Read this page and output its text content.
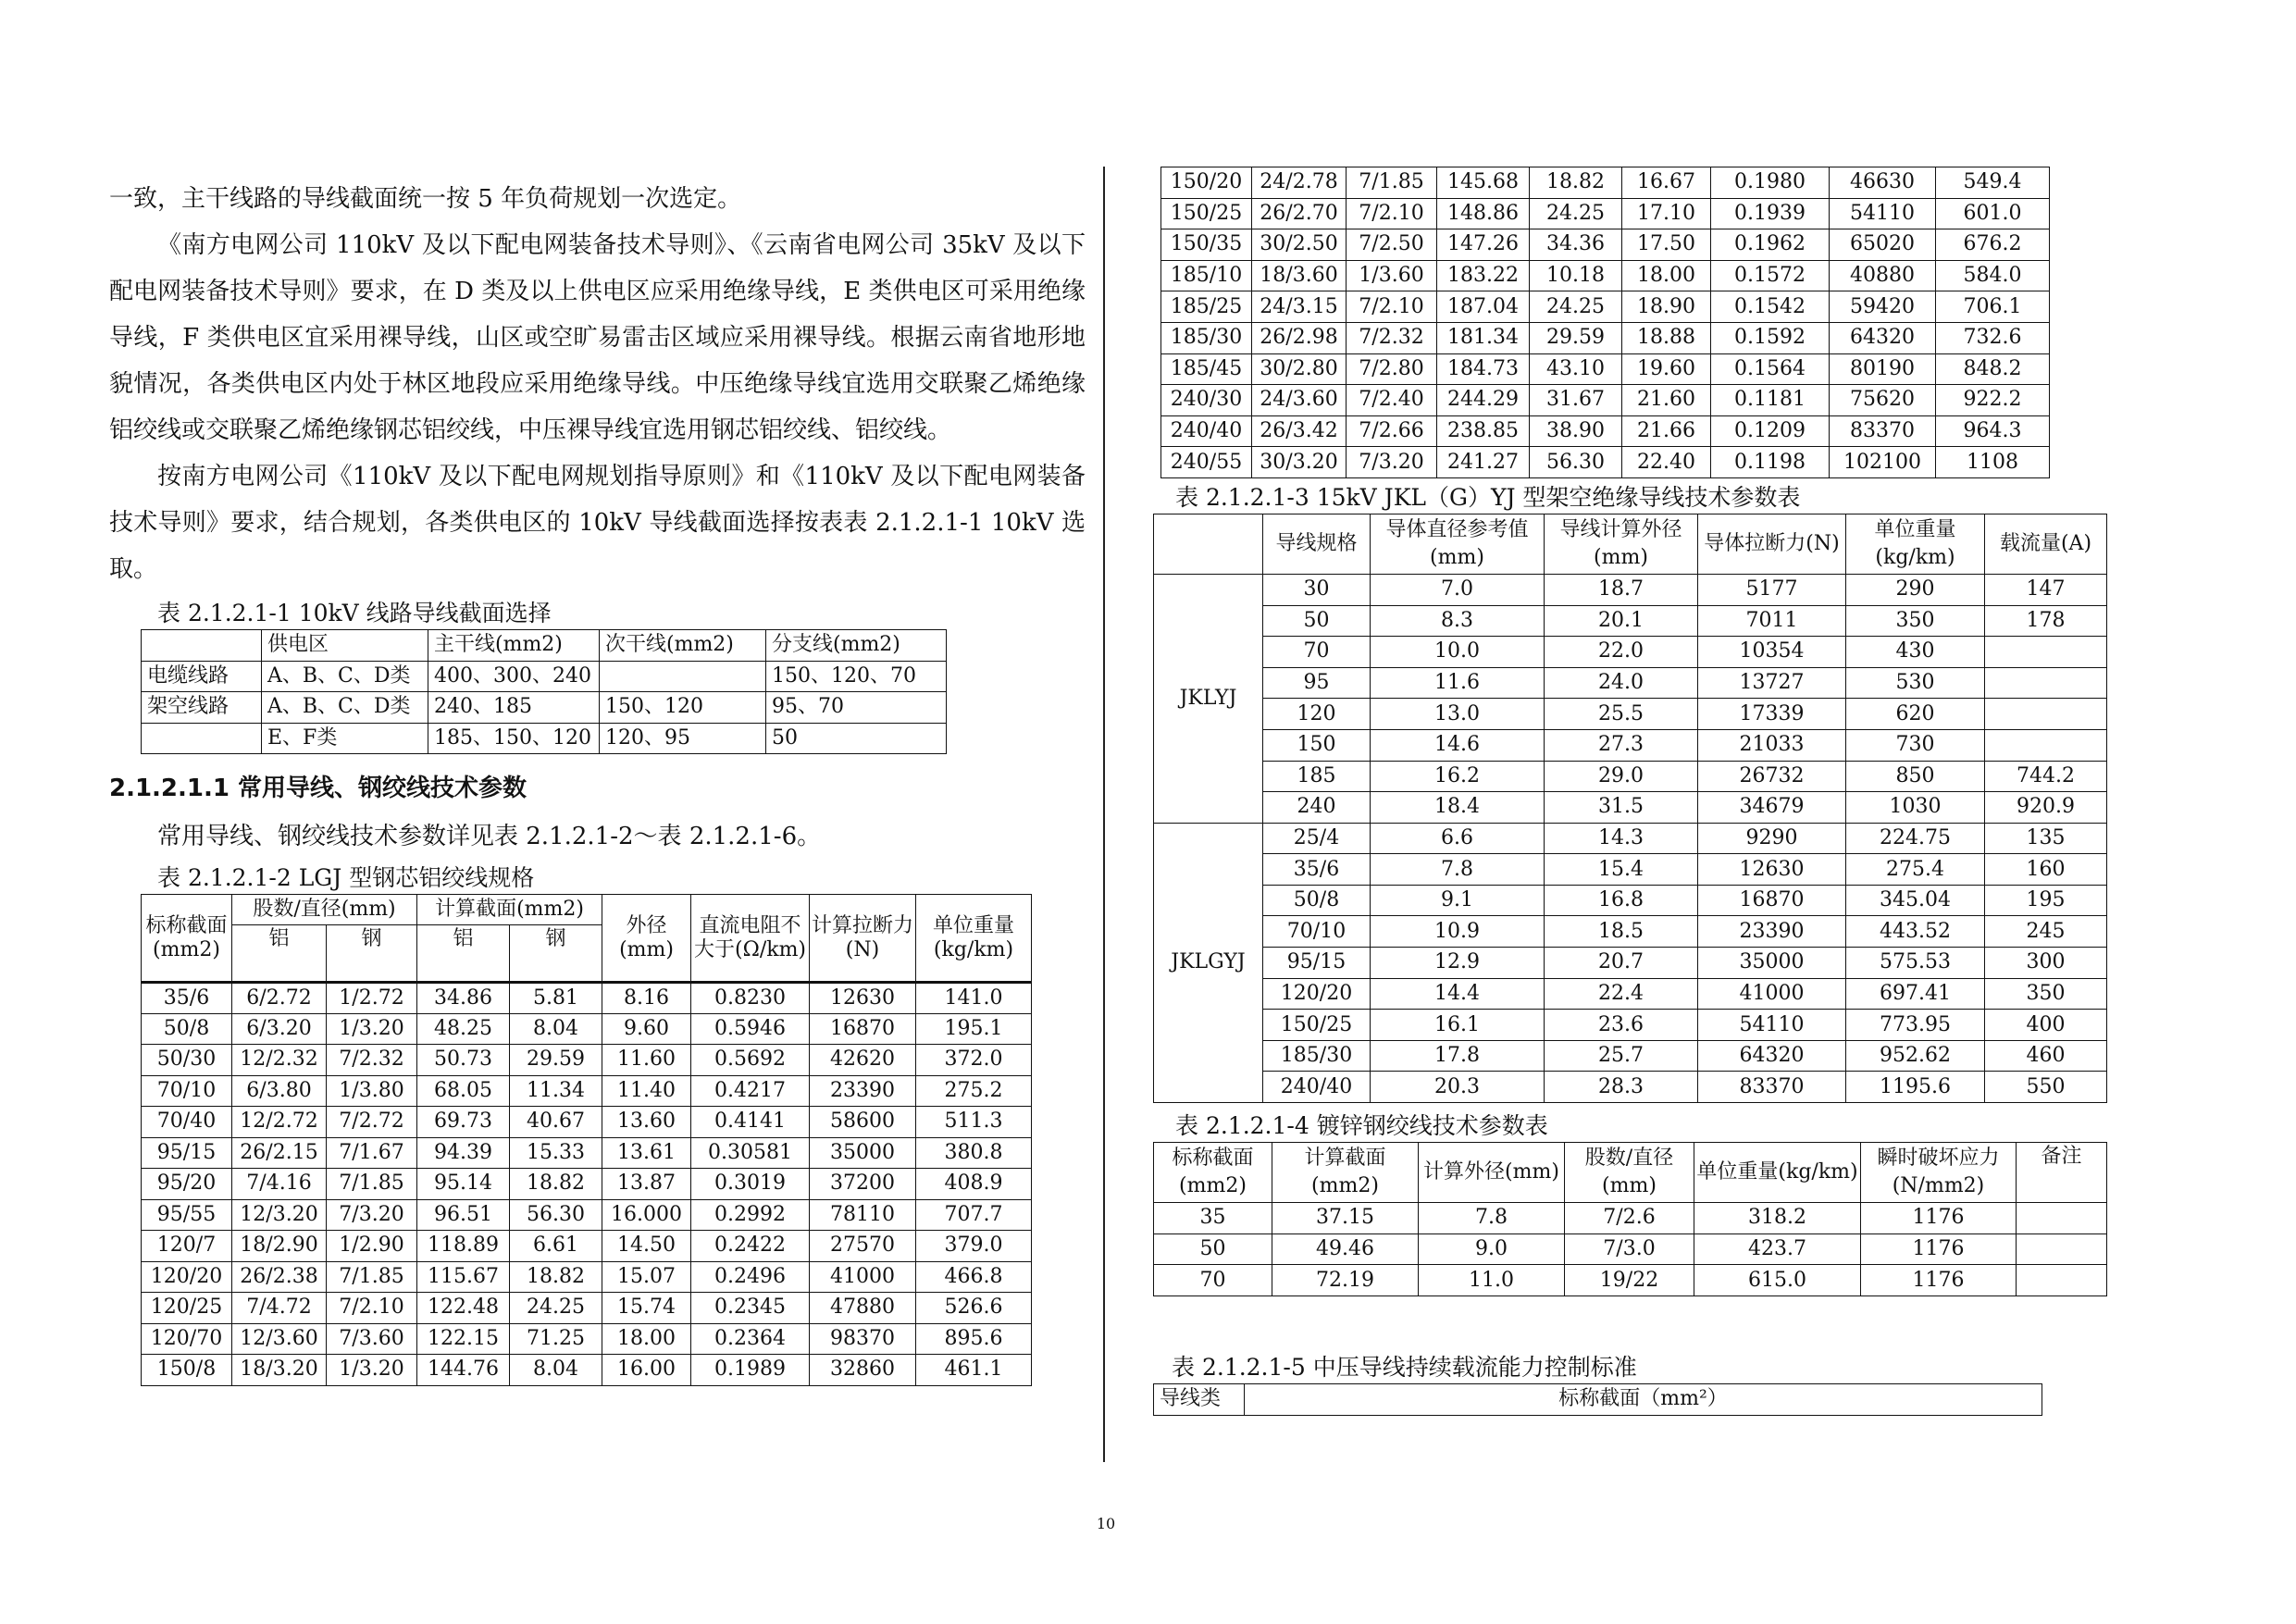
一致，主干线路的导线截面统一按 5 年负荷规划一次选定。

《南方电网公司 110kV 及以下配电网装备技术导则》、《云南省电网公司 35kV 及以下配电网装备技术导则》要求，在 D 类及以上供电区应采用绝缘导线，E 类供电区可采用绝缘导线，F 类供电区宜采用裸导线，山区或空旷易雷击区域应采用裸导线。根据云南省地形地貌情况，各类供电区内处于林区地段应采用绝缘导线。中压绝缘导线宜选用交联聚乙烯绝缘铝绞线或交联聚乙烯绝缘钢芯铝绞线，中压裸导线宜选用钢芯铝绞线、铝绞线。

按南方电网公司《110kV 及以下配电网规划指导原则》和《110kV 及以下配电网装备技术导则》要求，结合规划，各类供电区的 10kV 导线截面选择按表表 2.1.2.1-1 10kV 选取。

表 2.1.2.1-1 10kV 线路导线截面选择
	供电区	主干线(mm2)	次干线(mm2)	分支线(mm2)
电缆线路	A、B、C、D类	400、300、240		150、120、70
架空线路	A、B、C、D类	240、185	150、120	95、70
	E、F类	185、150、120	120、95	50
2.1.2.1.1 常用导线、钢绞线技术参数

常用导线、钢绞线技术参数详见表 2.1.2.1-2～表 2.1.2.1-6。

表 2.1.2.1-2 LGJ 型钢芯铝绞线规格
标称截面(mm2)	股数/直径(mm)		计算截面(mm2)		外径(mm)	直流电阻不大于(Ω/km)	计算拉断力(N)	单位重量(kg/km)
	铝	钢	铝	钢				
35/6	6/2.72	1/2.72	34.86	5.81	8.16	0.8230	12630	141.0
50/8	6/3.20	1/3.20	48.25	8.04	9.60	0.5946	16870	195.1
50/30	12/2.32	7/2.32	50.73	29.59	11.60	0.5692	42620	372.0
70/10	6/3.80	1/3.80	68.05	11.34	11.40	0.4217	23390	275.2
70/40	12/2.72	7/2.72	69.73	40.67	13.60	0.4141	58600	511.3
95/15	26/2.15	7/1.67	94.39	15.33	13.61	0.30581	35000	380.8
95/20	7/4.16	7/1.85	95.14	18.82	13.87	0.3019	37200	408.9
95/55	12/3.20	7/3.20	96.51	56.30	16.000	0.2992	78110	707.7
120/7	18/2.90	1/2.90	118.89	6.61	14.50	0.2422	27570	379.0
120/20	26/2.38	7/1.85	115.67	18.82	15.07	0.2496	41000	466.8
120/25	7/4.72	7/2.10	122.48	24.25	15.74	0.2345	47880	526.6
120/70	12/3.60	7/3.60	122.15	71.25	18.00	0.2364	98370	895.6
150/8	18/3.20	1/3.20	144.76	8.04	16.00	0.1989	32860	461.1
150/20	24/2.78	7/1.85	145.68	18.82	16.67	0.1980	46630	549.4
150/25	26/2.70	7/2.10	148.86	24.25	17.10	0.1939	54110	601.0
150/35	30/2.50	7/2.50	147.26	34.36	17.50	0.1962	65020	676.2
185/10	18/3.60	1/3.60	183.22	10.18	18.00	0.1572	40880	584.0
185/25	24/3.15	7/2.10	187.04	24.25	18.90	0.1542	59420	706.1
185/30	26/2.98	7/2.32	181.34	29.59	18.88	0.1592	64320	732.6
185/45	30/2.80	7/2.80	184.73	43.10	19.60	0.1564	80190	848.2
240/30	24/3.60	7/2.40	244.29	31.67	21.60	0.1181	75620	922.2
240/40	26/3.42	7/2.66	238.85	38.90	21.66	0.1209	83370	964.3
240/55	30/3.20	7/3.20	241.27	56.30	22.40	0.1198	102100	1108
表 2.1.2.1-3 15kV JKL（G）YJ 型架空绝缘导线技术参数表
	导线规格	导体直径参考值(mm)	导线计算外径(mm)	导体拉断力(N)	单位重量(kg/km)	载流量(A)
JKLYJ	30	7.0	18.7	5177	290	147
	50	8.3	20.1	7011	350	178
	70	10.0	22.0	10354	430	
	95	11.6	24.0	13727	530	
	120	13.0	25.5	17339	620	
	150	14.6	27.3	21033	730	
	185	16.2	29.0	26732	850	744.2
	240	18.4	31.5	34679	1030	920.9
JKLGYJ	25/4	6.6	14.3	9290	224.75	135
	35/6	7.8	15.4	12630	275.4	160
	50/8	9.1	16.8	16870	345.04	195
	70/10	10.9	18.5	23390	443.52	245
	95/15	12.9	20.7	35000	575.53	300
	120/20	14.4	22.4	41000	697.41	350
	150/25	16.1	23.6	54110	773.95	400
	185/30	17.8	25.7	64320	952.62	460
	240/40	20.3	28.3	83370	1195.6	550
表 2.1.2.1-4 镀锌钢绞线技术参数表
标称截面(mm2)	计算截面(mm2)	计算外径(mm)	股数/直径(mm)	单位重量(kg/km)	瞬时破坏应力(N/mm2)	备注
35	37.15	7.8	7/2.6	318.2	1176	
50	49.46	9.0	7/3.0	423.7	1176	
70	72.19	11.0	19/22	615.0	1176	
表 2.1.2.1-5 中压导线持续载流能力控制标准
导线类	标称截面（mm²）
10
